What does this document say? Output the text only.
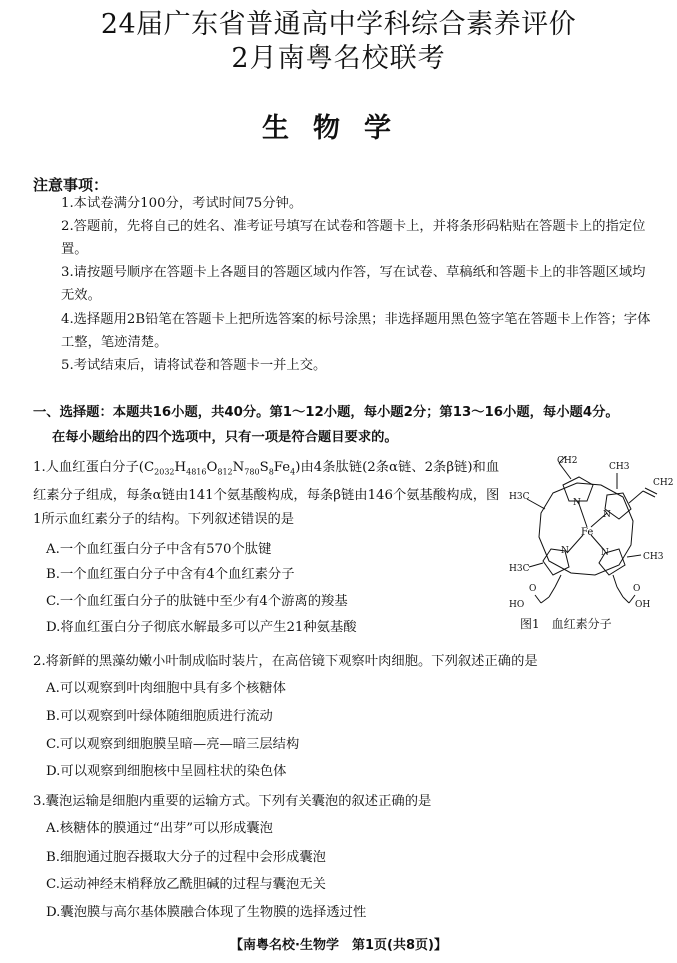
24届广东省普通高中学科综合素养评价
2月南粤名校联考
生物学
注意事项：
1.本试卷满分100分，考试时间75分钟。
2.答题前，先将自己的姓名、准考证号填写在试卷和答题卡上，并将条形码粘贴在答题卡上的指定位置。
3.请按题号顺序在答题卡上各题目的答题区域内作答，写在试卷、草稿纸和答题卡上的非答题区域均无效。
4.选择题用2B铅笔在答题卡上把所选答案的标号涂黑；非选择题用黑色签字笔在答题卡上作答；字体工整，笔迹清楚。
5.考试结束后，请将试卷和答题卡一并上交。
一、选择题：本题共16小题，共40分。第1～12小题，每小题2分；第13～16小题，每小题4分。
在每小题给出的四个选项中，只有一项是符合题目要求的。
1.人血红蛋白分子$(C_{2032}H_{4816}O_{812}N_{780}S_8Fe_4)$由4条肽链(2条α链、2条β链)和血红素分子组成，每条α链由141个氨基酸构成，每条β链由146个氨基酸构成，图1所示血红素分子的结构。下列叙述错误的是
A.一个血红蛋白分子中含有570个肽键
B.一个血红蛋白分子中含有4个血红素分子
C.一个血红蛋白分子的肽链中至少有4个游离的羧基
D.将血红蛋白分子彻底水解最多可以产生21种氨基酸
CH2
CH3
H3C
CH2
Fe
N
N
N
N
H3C
CH3
HO	OH
O	O
图1　血红素分子
2.将新鲜的黑藻幼嫩小叶制成临时装片，在高倍镜下观察叶肉细胞。下列叙述正确的是
A.可以观察到叶肉细胞中具有多个核糖体
B.可以观察到叶绿体随细胞质进行流动
C.可以观察到细胞膜呈暗—亮—暗三层结构
D.可以观察到细胞核中呈圆柱状的染色体
3.囊泡运输是细胞内重要的运输方式。下列有关囊泡的叙述正确的是
A.核糖体的膜通过“出芽”可以形成囊泡
B.细胞通过胞吞摄取大分子的过程中会形成囊泡
C.运动神经末梢释放乙酰胆碱的过程与囊泡无关
D.囊泡膜与高尔基体膜融合体现了生物膜的选择透过性
【南粤名校·生物学　第1页(共8页)】
